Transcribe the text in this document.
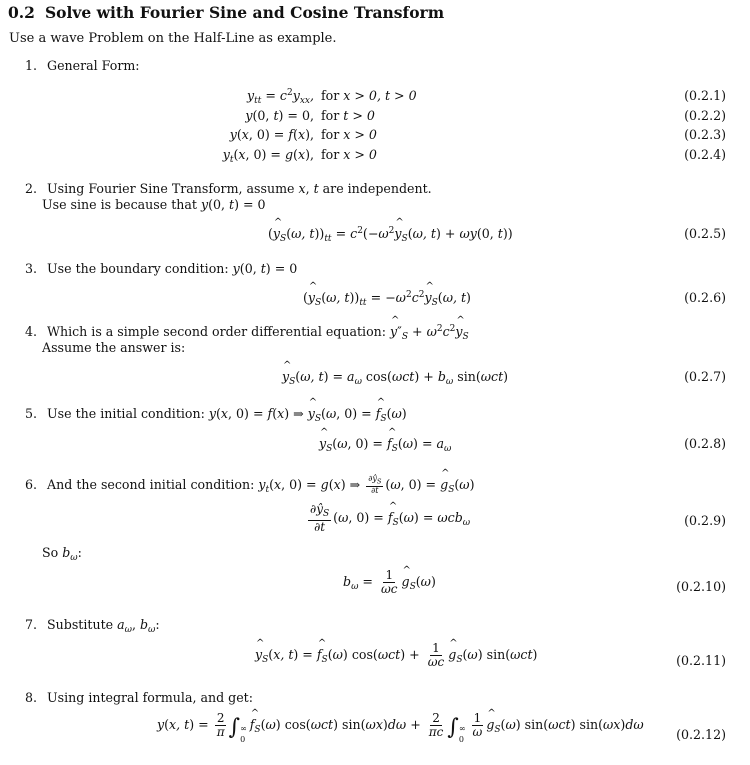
0.2 Solve with Fourier Sine and Cosine Transform
Use a wave Problem on the Half-Line as example.
1. General Form:
$y_{tt} = c^2y_{xx}$, for x > 0, t > 0	(0.2.1)
y(0, t) = 0, for t > 0	(0.2.2)
y(x, 0) = f(x), for x > 0	(0.2.3)
$y_t(x$, 0) = g(x), for x > 0	(0.2.4)
2. Using Fourier Sine Transform, assume x, t are independent.
Use sine is because that y(0, t) = 0
(^ $y_S(\omega$, $t))_{tt}$ = $c^2(-\omega^2\^{}$ $y_S(\omega$, t) + ωy(0, t))	(0.2.5)
3. Use the boundary condition: y(0, t) = 0
(^ $y_S(\omega$, $t))_{tt}$ = $-\omega^2c^2\^{}$ $y_S(\omega$, t)	(0.2.6)
4. Which is a simple second order differential equation: ^ $y''_S$ + $\omega^2c^2\^{}$ $y_S$
Assume the answer is:
^ $y_S(\omega$, $t) = a_\omega$ $\cos(\omega ct) + b_\omega$ sin(ωct)	(0.2.7)
5. Use the initial condition: y(x, 0) = f(x) ⇒ ^ $y_S(\omega$, 0) = ^ $f_S(\omega)$
^ $y_S(\omega$, 0) = ^ $f_S(\omega) = a_\omega$	(0.2.8)
6. And the second initial condition: $y_t(x$, 0) = g(x) ⇒ $\frac{\partial ŷ_S}{\partial t} (\omega$, 0) = ^ $g_S(\omega)$
$\frac{\partial ŷ_S}{\partial t} (\omega$, 0) = ^ $f_S(\omega) = \omega cb_\omega$	(0.2.9)
So $b_\omega$:
$b_\omega = \frac{1}{\omega c}$ ^ $g_S(\omega)$	(0.2.10)
7. Substitute $a_\omega$, $b_\omega$:
^ $y_S(x$, t) = ^ $f_S(\omega) \cos(\omega ct) + \frac{1}{\omega c}$ ^ $g_S(\omega)$ sin(ωct)	(0.2.11)
8. Using integral formula, and get:
y(x, $t) = \frac{2}{\pi}$ ∫ ∞
0
^ $f_S(\omega)$ cos(ωct) $\sin(\omega x)d\omega + \frac{2}{\pi c}$ ∫ ∞
$0 \frac{1}{\omega}$ ^ $g_S(\omega)$ sin(ωct) sin(ωx)dω
(0.2.12)
